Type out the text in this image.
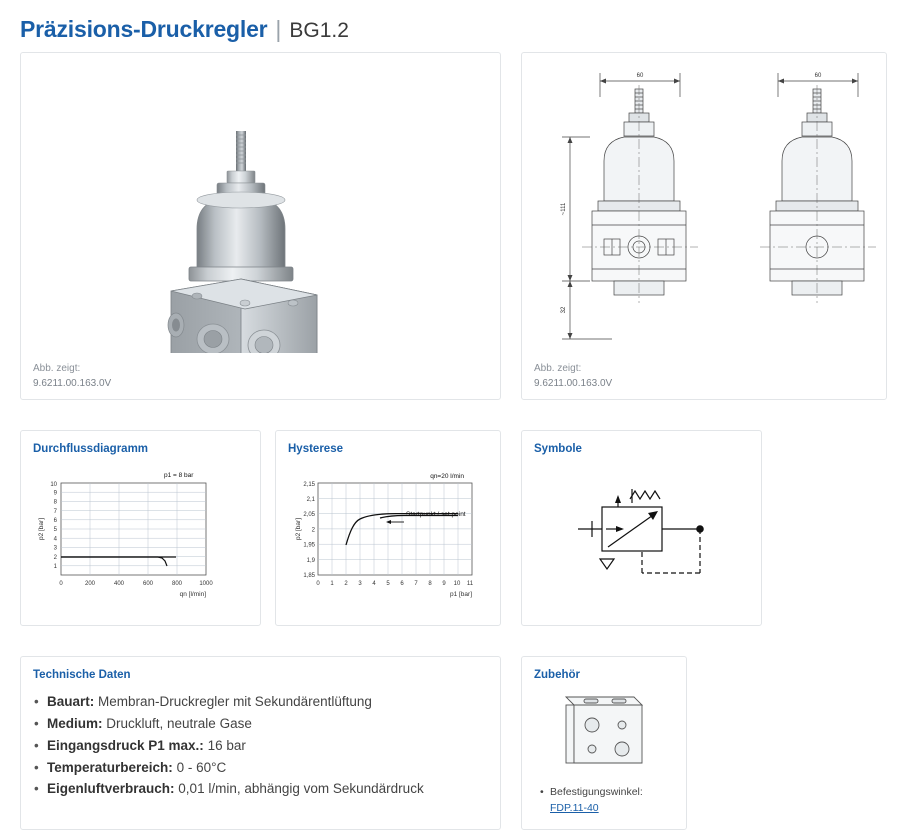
Präzisions-Druckregler | BG1.2
Abb. zeigt:
9.6211.00.163.0V
60	60
~111
32
Abb. zeigt:
9.6211.00.163.0V
Durchflussdiagramm
1
2
3
4
5
6
7
8
9
10
0	200	400	600	800	1000
p2 [bar]
qn [l/min]
p1 = 8 bar
Hysterese
Startpunkt / set point
qn=20 l/min
1,85
1,9
1,95
2
2,05
2,1
2,15
0 1 2 3 4 5 6 7 8 9 10 11
p2 [bar]
p1 [bar]
Symbole
Technische Daten
• Bauart: Membran-Druckregler mit Sekundärentlüftung
• Medium: Druckluft, neutrale Gase
• Eingangsdruck P1 max.: 16 bar
• Temperaturbereich: 0 - 60°C
• Eigenluftverbrauch: 0,01 l/min, abhängig vom Sekundärdruck
Zubehör
• Befestigungswinkel:
FDP.11-40
